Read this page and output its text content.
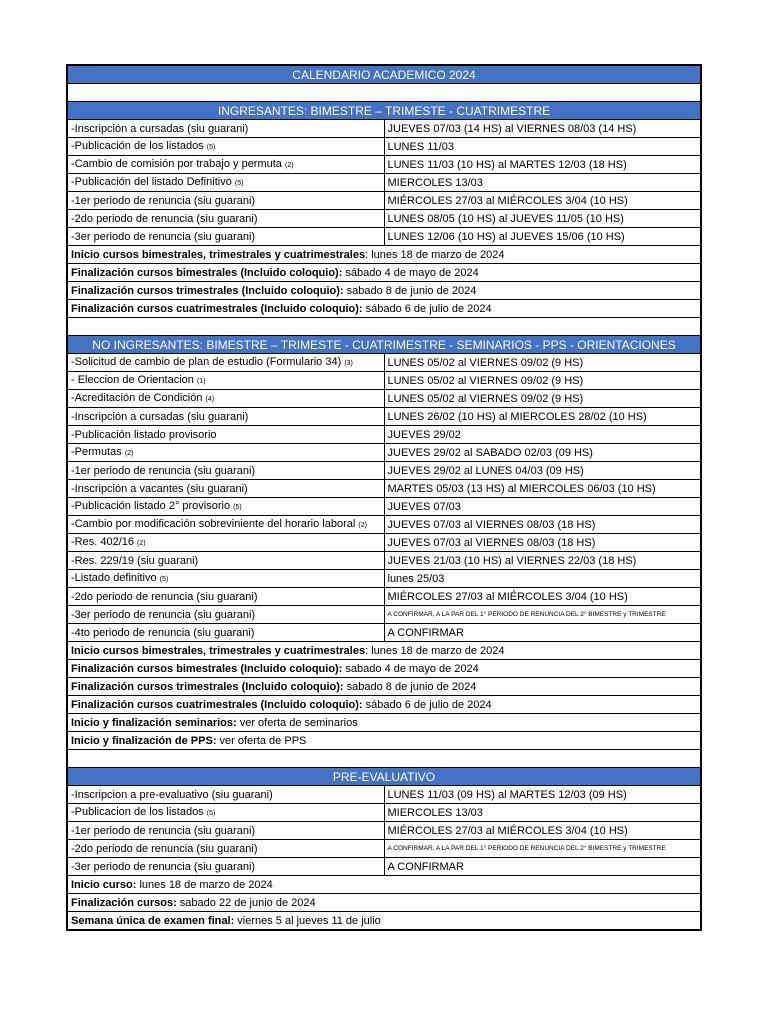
CALENDARIO ACADEMICO 2024	

INGRESANTES: BIMESTRE – TRIMESTE - CUATRIMESTRE	
-Inscripción a cursadas (siu guarani)	JUEVES 07/03 (14 HS) al VIERNES 08/03 (14 HS)
-Publicación de los listados (5)	LUNES 11/03
-Cambio de comisión por trabajo y permuta (2)	LUNES 11/03 (10 HS) al MARTES 12/03 (18 HS)
-Publicación del listado Definitivo (5)	MIERCOLES 13/03
-1er periodo de renuncia (siu guarani)	MIÉRCOLES 27/03 al MIÉRCOLES 3/04 (10 HS)
-2do periodo de renuncia (siu guarani)	LUNES 08/05 (10 HS) al JUEVES 11/05 (10 HS)
-3er periodo de renuncia (siu guarani)	LUNES 12/06 (10 HS) al JUEVES 15/06 (10 HS)
Inicio cursos bimestrales, trimestrales y cuatrimestrales: lunes 18 de marzo de 2024	
Finalización cursos bimestrales (Incluido coloquio): sábado 4 de mayo de 2024	
Finalización cursos trimestrales (Incluido coloquio): sabado 8 de junio de 2024	
Finalización cursos cuatrimestrales (Incluido coloquio): sábado 6 de julio de 2024	

NO INGRESANTES: BIMESTRE – TRIMESTE - CUATRIMESTRE - SEMINARIOS - PPS - ORIENTACIONES	
-Solicitud de cambio de plan de estudio (Formulario 34) (3)	LUNES 05/02 al VIERNES 09/02 (9 HS)
- Eleccion de Orientacion (1)	LUNES 05/02 al VIERNES 09/02 (9 HS)
-Acreditación de Condición (4)	LUNES 05/02 al VIERNES 09/02 (9 HS)
-Inscripción a cursadas (siu guarani)	LUNES 26/02 (10 HS) al MIERCOLES 28/02 (10 HS)
-Publicación listado provisorio	JUEVES 29/02
-Permutas (2)	JUEVES 29/02 al SABADO 02/03 (09 HS)
-1er periodo de renuncia (siu guarani)	JUEVES 29/02 al LUNES 04/03 (09 HS)
-Inscripción a vacantes (siu guarani)	MARTES 05/03 (13 HS) al MIERCOLES 06/03 (10 HS)
-Publicación listado 2° provisorio (5)	JUEVES 07/03
-Cambio por modificación sobreviniente del horario laboral (2)	JUEVES 07/03 al VIERNES 08/03 (18 HS)
-Res. 402/16 (2)	JUEVES 07/03 al VIERNES 08/03 (18 HS)
-Res. 229/19 (siu guarani)	JUEVES 21/03 (10 HS) al VIERNES 22/03 (18 HS)
-Listado definitivo (5)	lunes 25/03
-2do periodo de renuncia (siu guarani)	MIÉRCOLES 27/03 al MIÉRCOLES 3/04 (10 HS)
-3er periodo de renuncia (siu guarani)	A CONFIRMAR, A LA PAR DEL 1° PERIODO DE RENUNCIA DEL 2° BIMESTRE y TRIMESTRE
-4to periodo de renuncia (siu guarani)	A CONFIRMAR
Inicio cursos bimestrales, trimestrales y cuatrimestrales: lunes 18 de marzo de 2024	
Finalización cursos bimestrales (Incluido coloquio): sabado 4 de mayo de 2024	
Finalización cursos trimestrales (Incluido coloquio): sabado 8 de junio de 2024	
Finalización cursos cuatrimestrales (Incluido coloquio): sábado 6 de julio de 2024	
Inicio y finalización seminarios: ver oferta de seminarios	
Inicio y finalización de PPS: ver oferta de PPS	

PRE-EVALUATIVO	
-Inscripcion a pre-evaluativo (siu guarani)	LUNES 11/03 (09 HS) al MARTES 12/03 (09 HS)
-Publicacion de los listados (5)	MIERCOLES 13/03
-1er periodo de renuncia (siu guarani)	MIÉRCOLES 27/03 al MIÉRCOLES 3/04 (10 HS)
-2do periodo de renuncia (siu guarani)	A CONFIRMAR, A LA PAR DEL 1° PERIODO DE RENUNCIA DEL 2° BIMESTRE y TRIMESTRE
-3er periodo de renuncia (siu guarani)	A CONFIRMAR
Inicio curso: lunes 18 de marzo de 2024	
Finalización cursos: sabado 22 de junio de 2024	
Semana única de examen final: viernes 5 al jueves 11 de julio	
